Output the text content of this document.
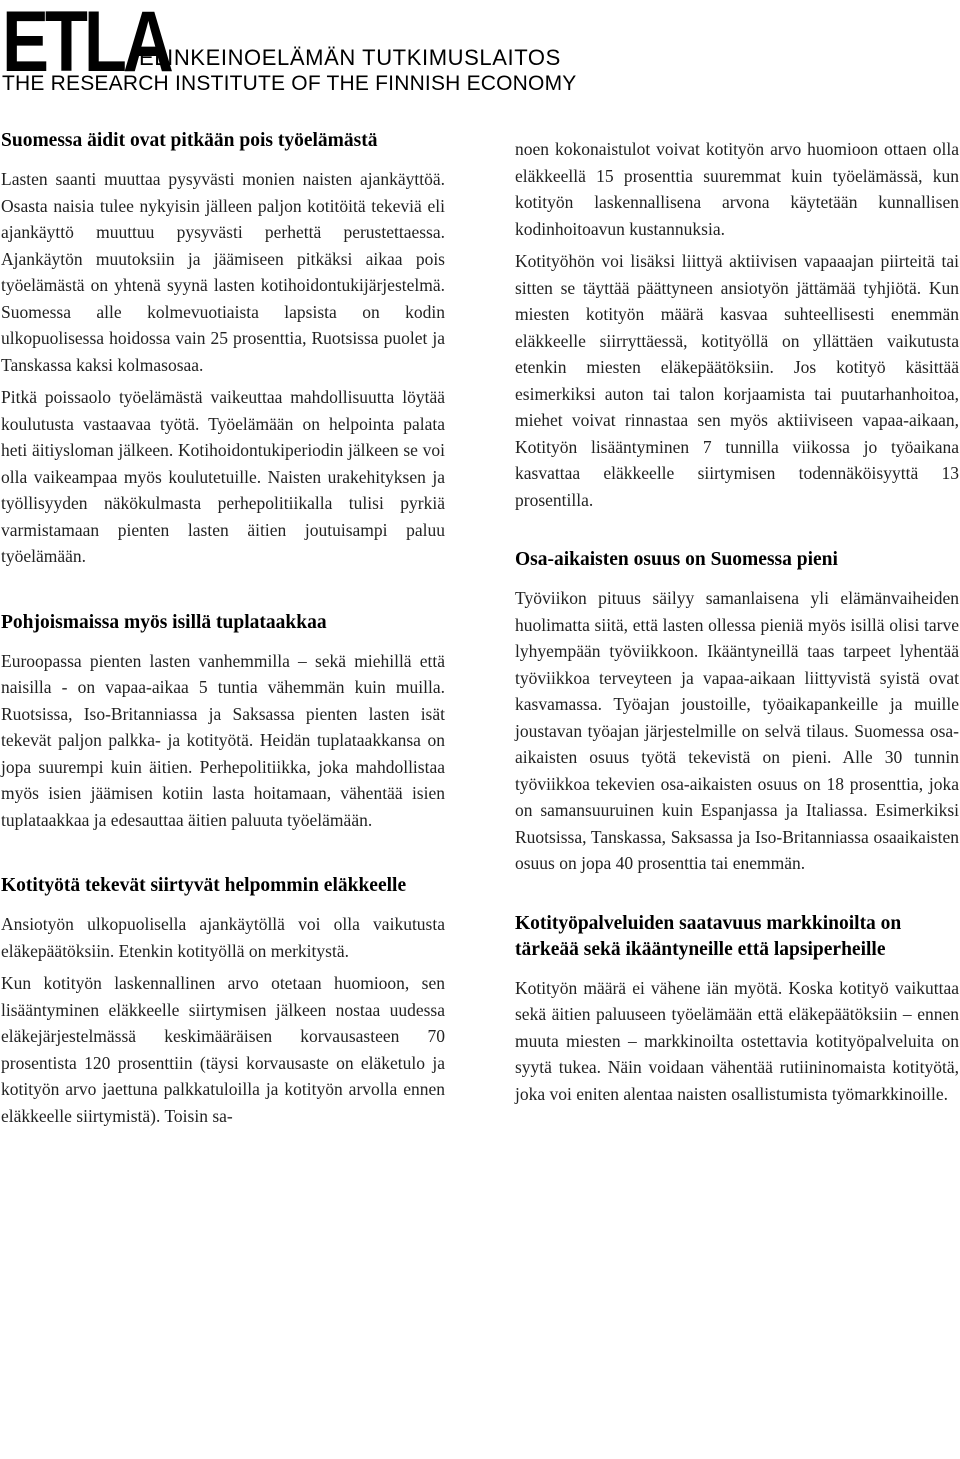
ETLA
ELINKEINOELÄMÄN TUTKIMUSLAITOS
THE RESEARCH INSTITUTE OF THE FINNISH ECONOMY
Suomessa äidit ovat pitkään pois työelämästä

Lasten saanti muuttaa pysyvästi monien naisten ajankäyttöä. Osasta naisia tulee nykyisin jälleen paljon kotitöitä tekeviä eli ajankäyttö muuttuu pysyvästi perhettä perustettaessa. Ajankäytön muutoksiin ja jäämiseen pitkäksi aikaa pois työelämästä on yhtenä syynä lasten kotihoidontukijärjestelmä. Suomessa alle kolmevuotiaista lapsista on kodin ulkopuolisessa hoidossa vain 25 prosenttia, Ruotsissa puolet ja Tanskassa kaksi kolmasosaa.

Pitkä poissaolo työelämästä vaikeuttaa mahdollisuutta löytää koulutusta vastaavaa työtä. Työelämään on helpointa palata heti äitiysloman jälkeen. Kotihoidontukiperiodin jälkeen se voi olla vaikeampaa myös koulutetuille. Naisten urakehityksen ja työllisyyden näkökulmasta perhepolitiikalla tulisi pyrkiä varmistamaan pienten lasten äitien joutuisampi paluu työelämään.

Pohjoismaissa myös isillä tuplataakkaa

Euroopassa pienten lasten vanhemmilla – sekä miehillä että naisilla - on vapaa-aikaa 5 tuntia vähemmän kuin muilla. Ruotsissa, Iso-Britanniassa ja Saksassa pienten lasten isät tekevät paljon palkka- ja kotityötä. Heidän tuplataakkansa on jopa suurempi kuin äitien. Perhepolitiikka, joka mahdollistaa myös isien jäämisen kotiin lasta hoitamaan, vähentää isien tuplataakkaa ja edesauttaa äitien paluuta työelämään.

Kotityötä tekevät siirtyvät helpommin eläkkeelle

Ansiotyön ulkopuolisella ajankäytöllä voi olla vaikutusta eläkepäätöksiin. Etenkin kotityöllä on merkitystä.

Kun kotityön laskennallinen arvo otetaan huomioon, sen lisääntyminen eläkkeelle siirtymisen jälkeen nostaa uudessa eläkejärjestelmässä keskimääräisen korvausasteen 70 prosentista 120 prosenttiin (täysi korvausaste on eläketulo ja kotityön arvo jaettuna palkkatuloilla ja kotityön arvolla ennen eläkkeelle siirtymistä). Toisin sa-

noen kokonaistulot voivat kotityön arvo huomioon ottaen olla eläkkeellä 15 prosenttia suuremmat kuin työelämässä, kun kotityön laskennallisena arvona käytetään kunnallisen kodinhoitoavun kustannuksia.

Kotityöhön voi lisäksi liittyä aktiivisen vapaaajan piirteitä tai sitten se täyttää päättyneen ansiotyön jättämää tyhjiötä. Kun miesten kotityön määrä kasvaa suhteellisesti enemmän eläkkeelle siirryttäessä, kotityöllä on yllättäen vaikutusta etenkin miesten eläkepäätöksiin. Jos kotityö käsittää esimerkiksi auton tai talon korjaamista tai puutarhanhoitoa, miehet voivat rinnastaa sen myös aktiiviseen vapaa-aikaan, Kotityön lisääntyminen 7 tunnilla viikossa jo työaikana kasvattaa eläkkeelle siirtymisen todennäköisyyttä 13 prosentilla.

Osa-aikaisten osuus on Suomessa pieni

Työviikon pituus säilyy samanlaisena yli elämänvaiheiden huolimatta siitä, että lasten ollessa pieniä myös isillä olisi tarve lyhyempään työviikkoon. Ikääntyneillä taas tarpeet lyhentää työviikkoa terveyteen ja vapaa-aikaan liittyvistä syistä ovat kasvamassa. Työajan joustoille, työaikapankeille ja muille joustavan työajan järjestelmille on selvä tilaus. Suomessa osa-aikaisten osuus työtä tekevistä on pieni. Alle 30 tunnin työviikkoa tekevien osa-aikaisten osuus on 18 prosenttia, joka on samansuuruinen kuin Espanjassa ja Italiassa. Esimerkiksi Ruotsissa, Tanskassa, Saksassa ja Iso-Britanniassa osaaikaisten osuus on jopa 40 prosenttia tai enemmän.

Kotityöpalveluiden saatavuus markkinoilta on tärkeää sekä ikääntyneille että lapsiperheille

Kotityön määrä ei vähene iän myötä. Koska kotityö vaikuttaa sekä äitien paluuseen työelämään että eläkepäätöksiin – ennen muuta miesten – markkinoilta ostettavia kotityöpalveluita on syytä tukea. Näin voidaan vähentää rutiininomaista kotityötä, joka voi eniten alentaa naisten osallistumista työmarkkinoille.
